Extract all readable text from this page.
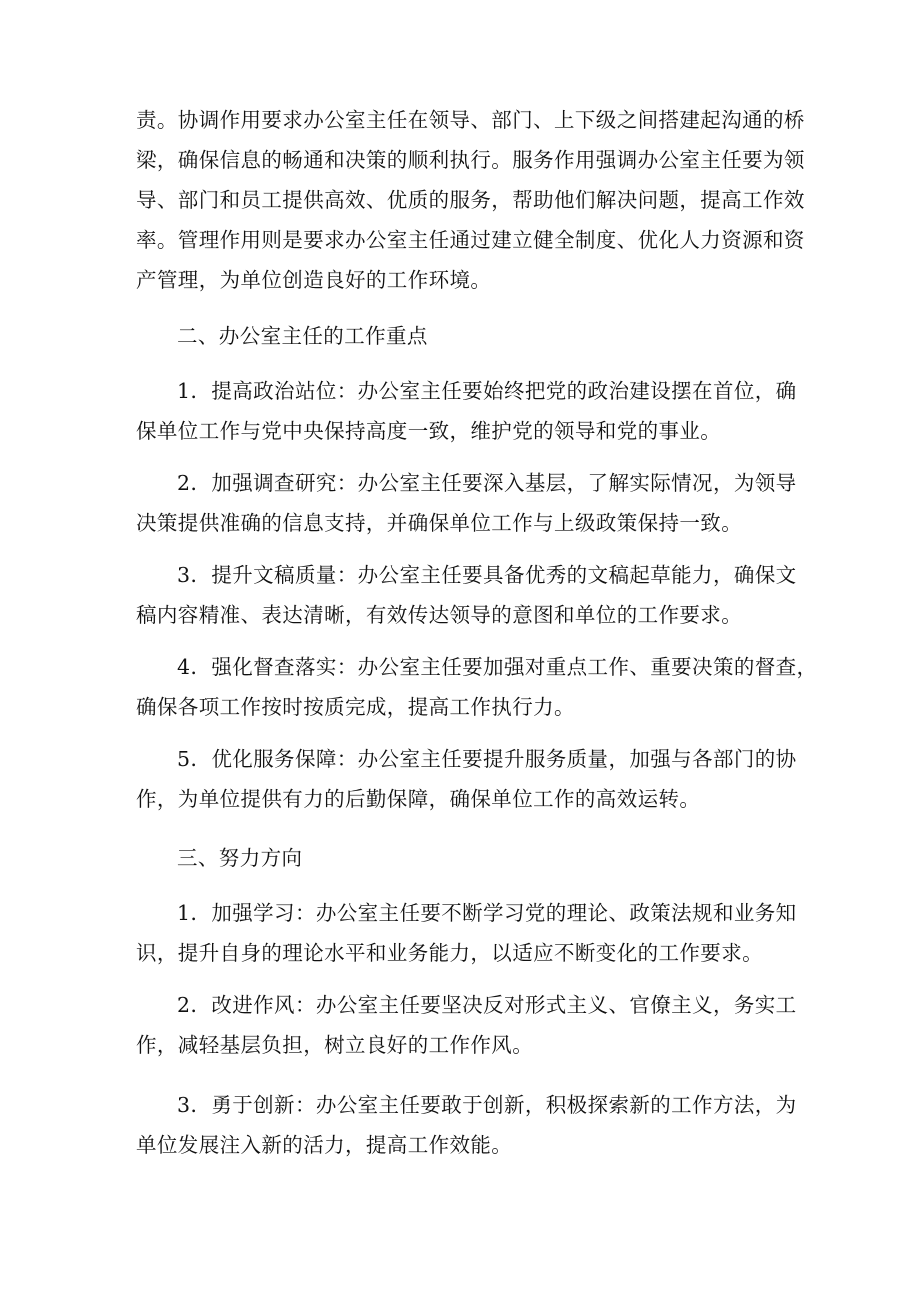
责。协调作用要求办公室主任在领导、部门、上下级之间搭建起沟通的桥
梁，确保信息的畅通和决策的顺利执行。服务作用强调办公室主任要为领
导、部门和员工提供高效、优质的服务，帮助他们解决问题，提高工作效
率。管理作用则是要求办公室主任通过建立健全制度、优化人力资源和资
产管理，为单位创造良好的工作环境。
二、办公室主任的工作重点
1．提高政治站位：办公室主任要始终把党的政治建设摆在首位，确
保单位工作与党中央保持高度一致，维护党的领导和党的事业。
2．加强调查研究：办公室主任要深入基层，了解实际情况，为领导
决策提供准确的信息支持，并确保单位工作与上级政策保持一致。
3．提升文稿质量：办公室主任要具备优秀的文稿起草能力，确保文
稿内容精准、表达清晰，有效传达领导的意图和单位的工作要求。
4．强化督查落实：办公室主任要加强对重点工作、重要决策的督查，
确保各项工作按时按质完成，提高工作执行力。
5．优化服务保障：办公室主任要提升服务质量，加强与各部门的协
作，为单位提供有力的后勤保障，确保单位工作的高效运转。
三、努力方向
1．加强学习：办公室主任要不断学习党的理论、政策法规和业务知
识，提升自身的理论水平和业务能力，以适应不断变化的工作要求。
2．改进作风：办公室主任要坚决反对形式主义、官僚主义，务实工
作，减轻基层负担，树立良好的工作作风。
3．勇于创新：办公室主任要敢于创新，积极探索新的工作方法，为
单位发展注入新的活力，提高工作效能。
